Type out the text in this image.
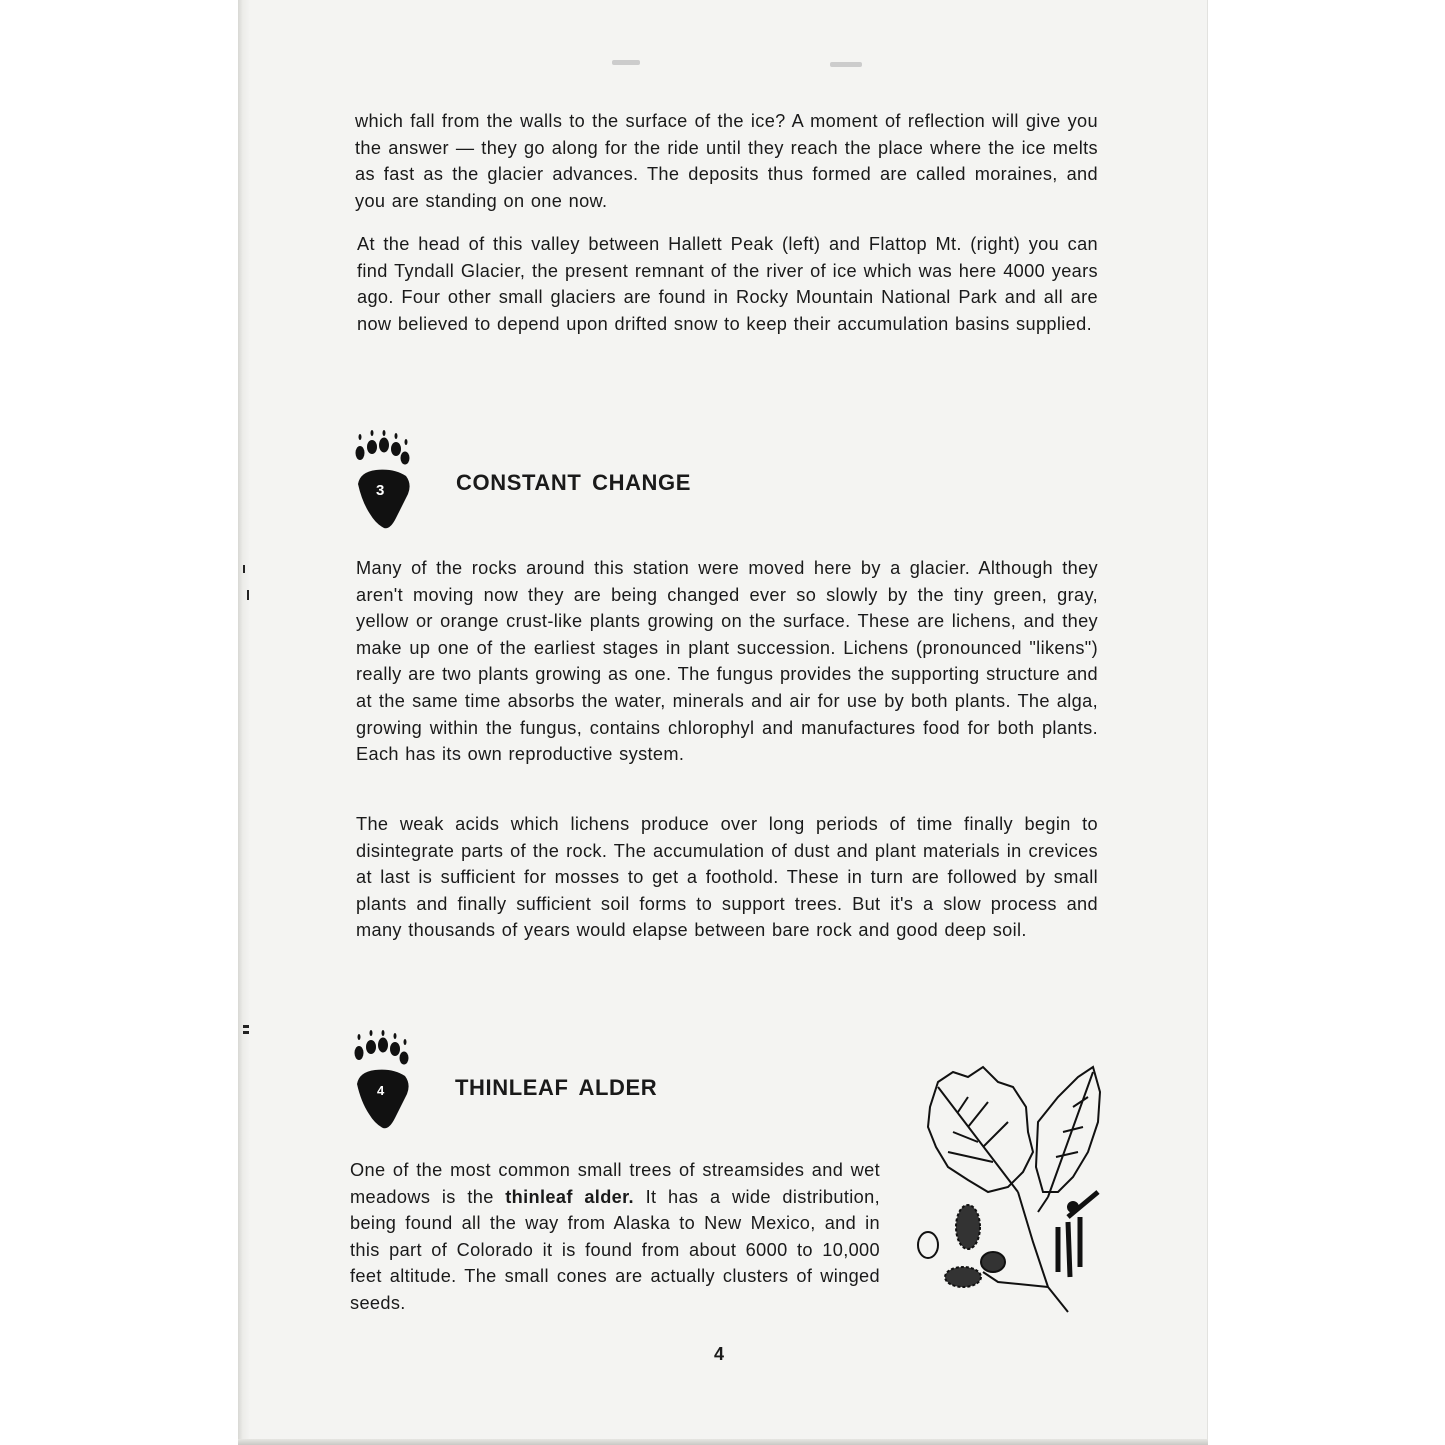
which fall from the walls to the surface of the ice? A moment of reflection will give you the answer — they go along for the ride until they reach the place where the ice melts as fast as the glacier advances. The deposits thus formed are called moraines, and you are standing on one now.
At the head of this valley between Hallett Peak (left) and Flattop Mt. (right) you can find Tyndall Glacier, the present remnant of the river of ice which was here 4000 years ago. Four other small glaciers are found in Rocky Mountain National Park and all are now believed to depend upon drifted snow to keep their accumulation basins supplied.
3	CONSTANT CHANGE
Many of the rocks around this station were moved here by a glacier. Although they aren't moving now they are being changed ever so slowly by the tiny green, gray, yellow or orange crust-like plants growing on the surface. These are lichens, and they make up one of the earliest stages in plant succession. Lichens (pronounced "likens") really are two plants growing as one. The fungus provides the supporting structure and at the same time absorbs the water, minerals and air for use by both plants. The alga, growing within the fungus, contains chlorophyl and manufactures food for both plants. Each has its own reproductive system.
The weak acids which lichens produce over long periods of time finally begin to disintegrate parts of the rock. The accumulation of dust and plant materials in crevices at last is sufficient for mosses to get a foothold. These in turn are followed by small plants and finally sufficient soil forms to support trees. But it's a slow process and many thousands of years would elapse between bare rock and good deep soil.
4	THINLEAF ALDER
One of the most common small trees of streamsides and wet meadows is the thinleaf alder. It has a wide distribution, being found all the way from Alaska to New Mexico, and in this part of Colorado it is found from about 6000 to 10,000 feet altitude. The small cones are actually clusters of winged seeds.
4
